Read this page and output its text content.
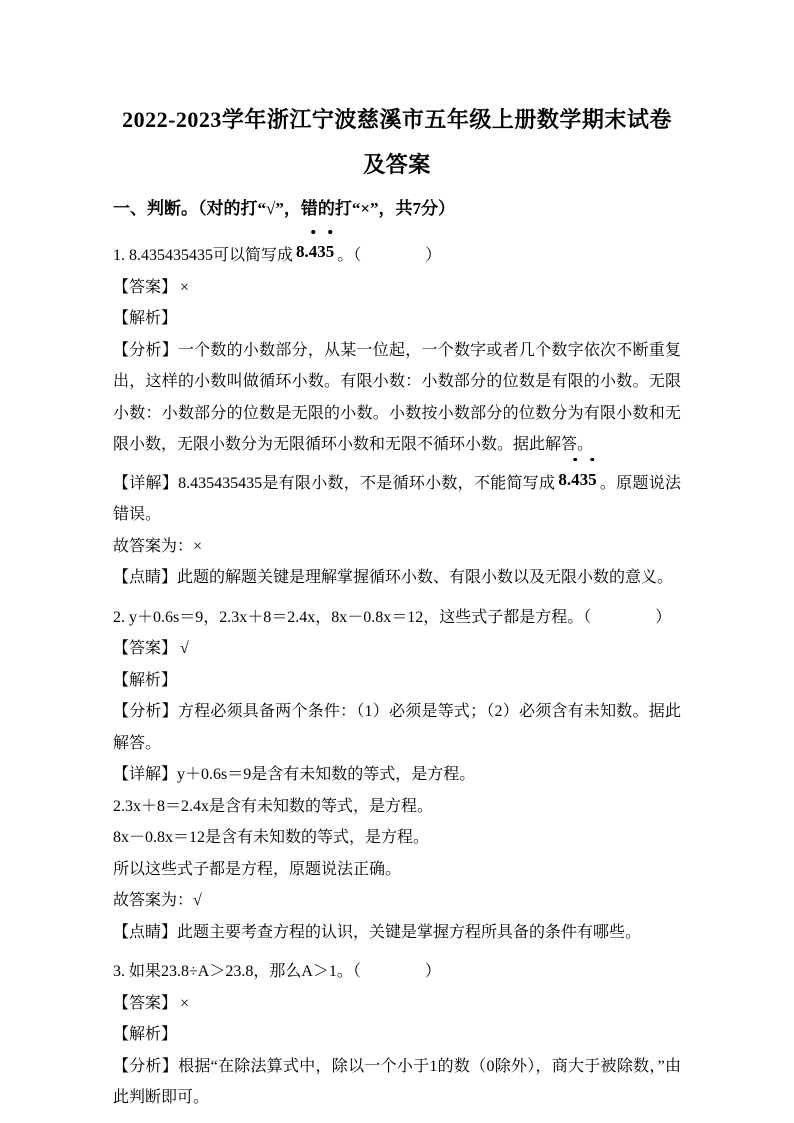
2022-2023学年浙江宁波慈溪市五年级上册数学期末试卷及答案
一、判断。（对的打“√”，错的打“×”，共7分）

1. 8.435435435可以简写成 8.435 。（　　　　）

【答案】 ×

【解析】

【分析】一个数的小数部分，从某一位起，一个数字或者几个数字依次不断重复出，这样的小数叫做循环小数。有限小数：小数部分的位数是有限的小数。无限小数：小数部分的位数是无限的小数。小数按小数部分的位数分为有限小数和无限小数，无限小数分为无限循环小数和无限不循环小数。据此解答。

【详解】8.435435435是有限小数，不是循环小数，不能简写成 8.435 。原题说法错误。

故答案为：×

【点睛】此题的解题关键是理解掌握循环小数、有限小数以及无限小数的意义。

2. y＋0.6s＝9，2.3x＋8＝2.4x，8x－0.8x＝12，这些式子都是方程。（　　　　）

【答案】 √

【解析】

【分析】方程必须具备两个条件：（1）必须是等式；（2）必须含有未知数。据此解答。

【详解】y＋0.6s＝9是含有未知数的等式，是方程。

2.3x＋8＝2.4x是含有未知数的等式，是方程。

8x－0.8x＝12是含有未知数的等式，是方程。

所以这些式子都是方程，原题说法正确。

故答案为：√

【点睛】此题主要考查方程的认识，关键是掌握方程所具备的条件有哪些。

3. 如果23.8÷A＞23.8，那么A＞1。（　　　　）

【答案】 ×

【解析】

【分析】根据“在除法算式中，除以一个小于1的数（0除外），商大于被除数，”由此判断即可。
